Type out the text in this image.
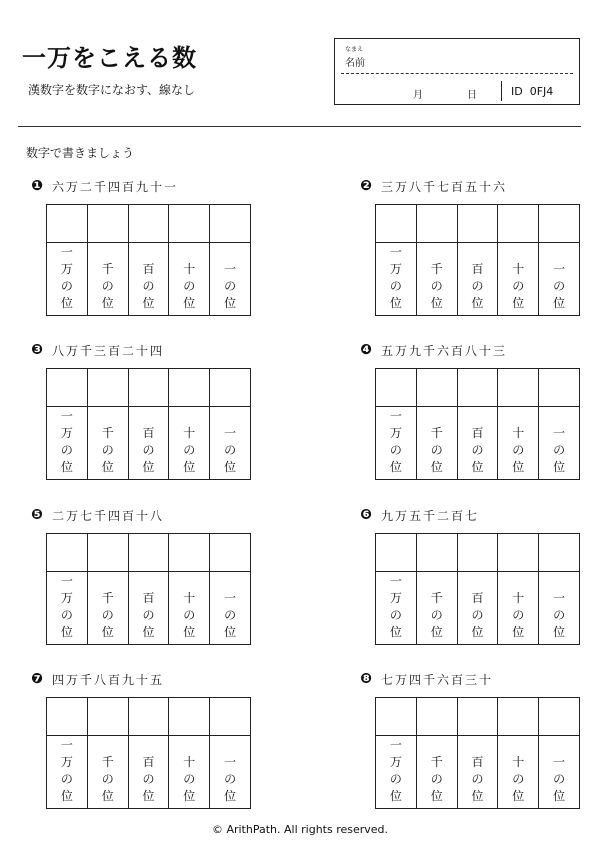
一万をこえる数
漢数字を数字になおす、線なし
なまえ
名前
月	日	ID 0FJ4
数字で書きましょう
❶ 六万二千四百九十一
一
万
の
位
千
の
位
百
の
位
十
の
位
一
の
位
❷ 三万八千七百五十六
一
万
の
位
千
の
位
百
の
位
十
の
位
一
の
位
❸ 八万千三百二十四
一
万
の
位
千
の
位
百
の
位
十
の
位
一
の
位
❹ 五万九千六百八十三
一
万
の
位
千
の
位
百
の
位
十
の
位
一
の
位
❺ 二万七千四百十八
一
万
の
位
千
の
位
百
の
位
十
の
位
一
の
位
❻ 九万五千二百七
一
万
の
位
千
の
位
百
の
位
十
の
位
一
の
位
❼ 四万千八百九十五
一
万
の
位
千
の
位
百
の
位
十
の
位
一
の
位
❽ 七万四千六百三十
一
万
の
位
千
の
位
百
の
位
十
の
位
一
の
位
© ArithPath. All rights reserved.
